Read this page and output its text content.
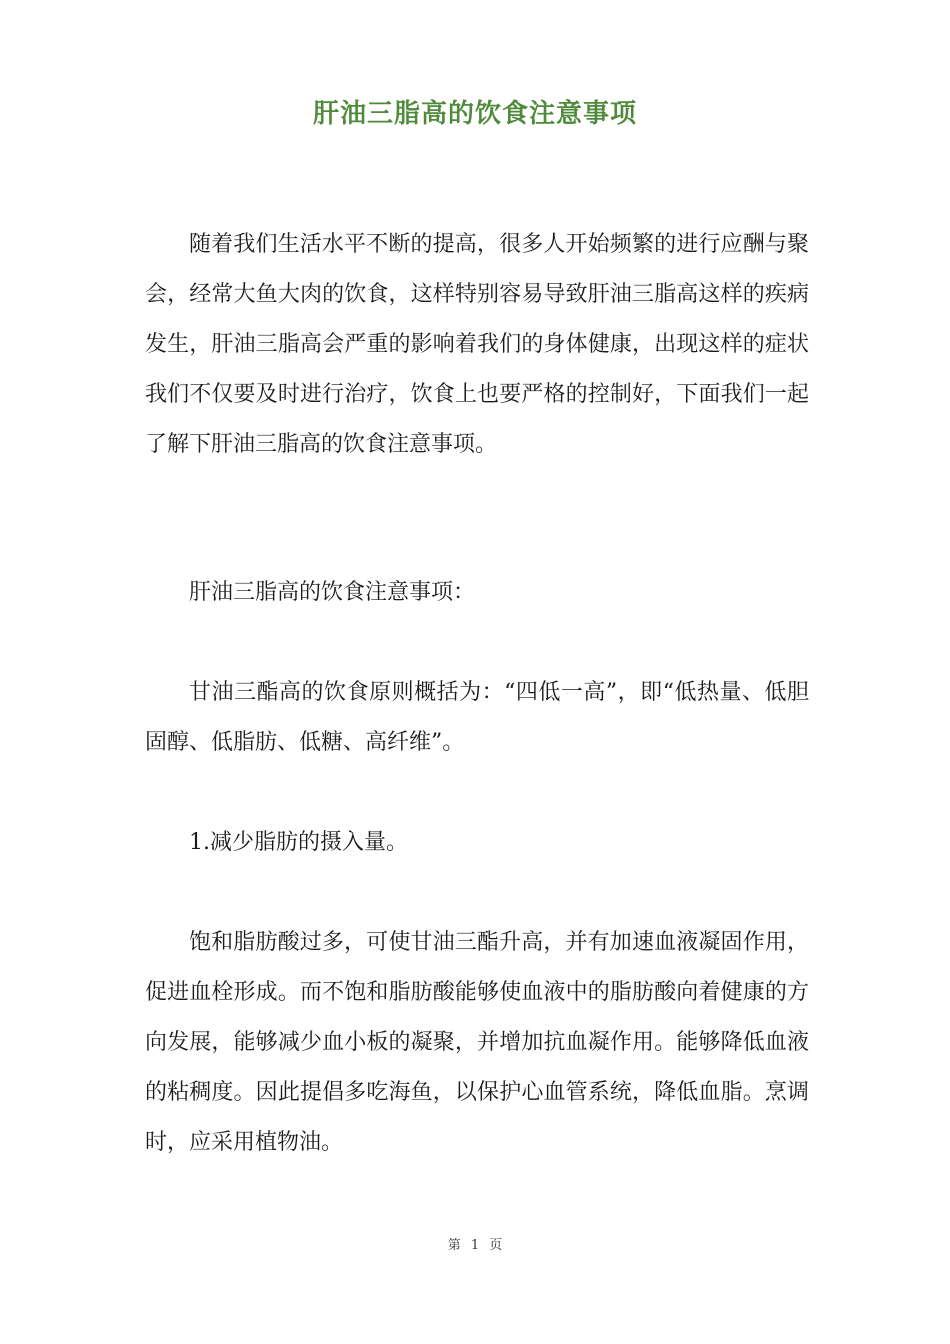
肝油三脂高的饮食注意事项

随着我们生活水平不断的提高，很多人开始频繁的进行应酬与聚会，经常大鱼大肉的饮食，这样特别容易导致肝油三脂高这样的疾病发生，肝油三脂高会严重的影响着我们的身体健康，出现这样的症状我们不仅要及时进行治疗，饮食上也要严格的控制好，下面我们一起了解下肝油三脂高的饮食注意事项。

肝油三脂高的饮食注意事项：

甘油三酯高的饮食原则概括为：“四低一高”，即“低热量、低胆固醇、低脂肪、低糖、高纤维”。

1.减少脂肪的摄入量。

饱和脂肪酸过多，可使甘油三酯升高，并有加速血液凝固作用，促进血栓形成。而不饱和脂肪酸能够使血液中的脂肪酸向着健康的方向发展，能够减少血小板的凝聚，并增加抗血凝作用。能够降低血液的粘稠度。因此提倡多吃海鱼，以保护心血管系统，降低血脂。烹调时，应采用植物油。

第 1 页
